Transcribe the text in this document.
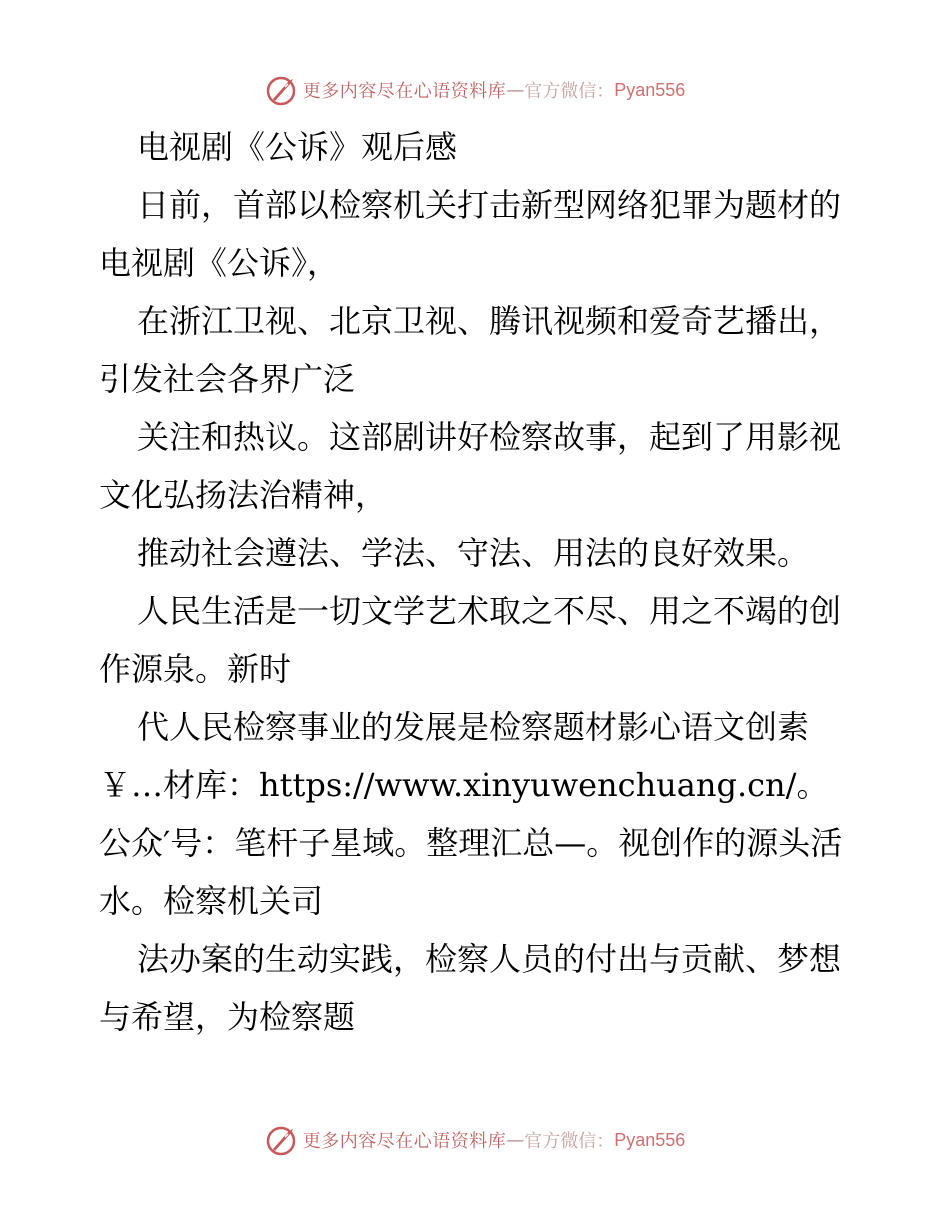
更多内容尽在心语资料库 — 官方微信： Pyan556

电视剧《公诉》观后感

日前，首部以检察机关打击新型网络犯罪为题材的电视剧《公诉》，

在浙江卫视、北京卫视、腾讯视频和爱奇艺播出，引发社会各界广泛

关注和热议。这部剧讲好检察故事，起到了用影视文化弘扬法治精神，

推动社会遵法、学法、守法、用法的良好效果。

人民生活是一切文学艺术取之不尽、用之不竭的创作源泉。新时

代人民检察事业的发展是检察题材影心语文创素￥…材库：https://www.xinyuwenchuang.cn/。公众′号：笔杆子星域。整理汇总—。视创作的源头活水。检察机关司

法办案的生动实践，检察人员的付出与贡献、梦想与希望，为检察题

更多内容尽在心语资料库 — 官方微信： Pyan556
